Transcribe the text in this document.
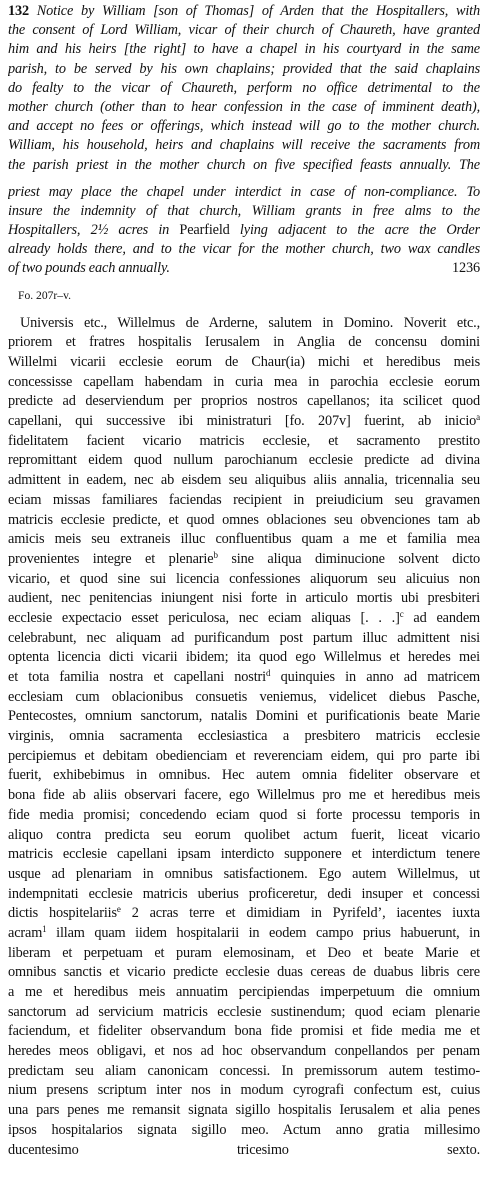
132 Notice by William [son of Thomas] of Arden that the Hospitallers, with
the consent of Lord William, vicar of their church of Chaureth, have granted
him and his heirs [the right] to have a chapel in his courtyard in the same
parish, to be served by his own chaplains; provided that the said chaplains
do fealty to the vicar of Chaureth, perform no office detrimental to the
mother church (other than to hear confession in the case of imminent death),
and accept no fees or offerings, which instead will go to the mother church.
William, his household, heirs and chaplains will receive the sacraments from
the parish priest in the mother church on five specified feasts annually. The
priest may place the chapel under interdict in case of non-compliance. To
insure the indemnity of that church, William grants in free alms to the
Hospitallers, 2½ acres in Pearfield lying adjacent to the acre the Order
already holds there, and to the vicar for the mother church, two wax candles
of two pounds each annually.	1236
Fo. 207r–v.
Universis etc., Willelmus de Arderne, salutem in Domino. Noverit etc.,
priorem et fratres hospitalis Ierusalem in Anglia de concensu domini
Willelmi vicarii ecclesie eorum de Chaur(ia) michi et heredibus meis
concessisse capellam habendam in curia mea in parochia ecclesie eorum
predicte ad deserviendum per proprios nostros capellanos; ita scilicet quod
capellani, qui successive ibi ministraturi [fo. 207v] fuerint, ab inicio$^a$
fidelitatem facient vicario matricis ecclesie, et sacramento prestito
repromittant eidem quod nullum parochianum ecclesie predicte ad divina
admittent in eadem, nec ab eisdem seu aliquibus aliis annalia, tricennalia seu
eciam missas familiares faciendas recipient in preiudicium seu gravamen
matricis ecclesie predicte, et quod omnes oblaciones seu obvenciones tam ab
amicis meis seu extraneis illuc confluentibus quam a me et familia mea
provenientes integre et plenarie$^b$ sine aliqua diminucione solvent dicto
vicario, et quod sine sui licencia confessiones aliquorum seu alicuius non
audient, nec penitencias iniungent nisi forte in articulo mortis ubi presbiteri
ecclesie expectacio esset periculosa, nec eciam aliquas [. . .]$^c$ ad eandem
celebrabunt, nec aliquam ad purificandum post partum illuc admittent nisi
optenta licencia dicti vicarii ibidem; ita quod ego Willelmus et heredes mei
et tota familia nostra et capellani nostri$^d$ quinquies in anno ad matricem
ecclesiam cum oblacionibus consuetis veniemus, videlicet diebus Pasche,
Pentecostes, omnium sanctorum, natalis Domini et purificationis beate Marie
virginis, omnia sacramenta ecclesiastica a presbitero matricis ecclesie
percipiemus et debitam obedienciam et reverenciam eidem, qui pro parte ibi
fuerit, exhibebimus in omnibus. Hec autem omnia fideliter observare et
bona fide ab aliis observari facere, ego Willelmus pro me et heredibus meis
fide media promisi; concedendo eciam quod si forte processu temporis in
aliquo contra predicta seu eorum quolibet actum fuerit, liceat vicario
matricis ecclesie capellani ipsam interdicto supponere et interdictum tenere
usque ad plenariam in omnibus satisfactionem. Ego autem Willelmus, ut
indempnitati ecclesie matricis uberius proficeretur, dedi insuper et concessi
dictis hospitelariis$^e$ 2 acras terre et dimidiam in Pyrifeld’, iacentes iuxta
acram$^1$ illam quam iidem hospitalarii in eodem campo prius habuerunt, in
liberam et perpetuam et puram elemosinam, et Deo et beate Marie et
omnibus sanctis et vicario predicte ecclesie duas cereas de duabus libris cere
a me et heredibus meis annuatim percipiendas imperpetuum die omnium
sanctorum ad servicium matricis ecclesie sustinendum; quod eciam plenarie
faciendum, et fideliter observandum bona fide promisi et fide media me et
heredes meos obligavi, et nos ad hoc observandum conpellandos per penam
predictam seu aliam canonicam concessi. In premissorum autem testimo-
nium presens scriptum inter nos in modum cyrografi confectum est, cuius
una pars penes me remansit signata sigillo hospitalis Ierusalem et alia penes
ipsos hospitalarios signata sigillo meo. Actum anno gratia millesimo
ducentesimo tricesimo sexto.
